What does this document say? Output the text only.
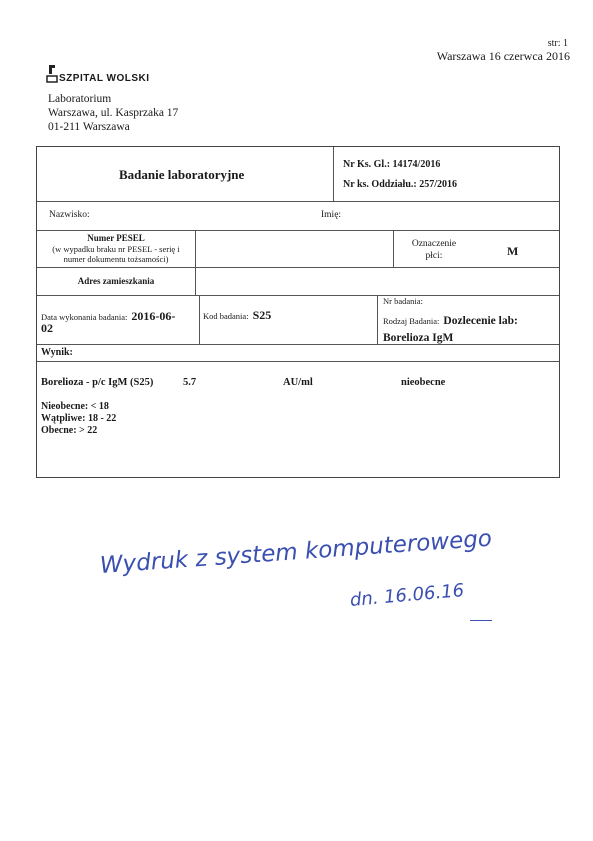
str: 1
Warszawa 16 czerwca 2016
SZPITAL WOLSKI
Laboratorium
Warszawa, ul. Kasprzaka 17
01-211 Warszawa
Badanie laboratoryjne
Nr Ks. Gl.: 14174/2016
Nr ks. Oddziału.: 257/2016
Nazwisko:	Imię:
Numer PESEL
(w wypadku braku nr PESEL - serię i
numer dokumentu tożsamości)
Oznaczenie
płci:	M
Adres zamieszkania
Data wykonania badania: 2016-06-
02
Kod badania: S25
Nr badania:
Rodzaj Badania: Dozlecenie lab:
Borelioza IgM
Wynik:
Borelioza - p/c IgM (S25)	5.7	AU/ml	nieobecne
Nieobecne: < 18
Wątpliwe: 18 - 22
Obecne: > 22
Wydruk z system komputerowego
dn. 16.06.16
